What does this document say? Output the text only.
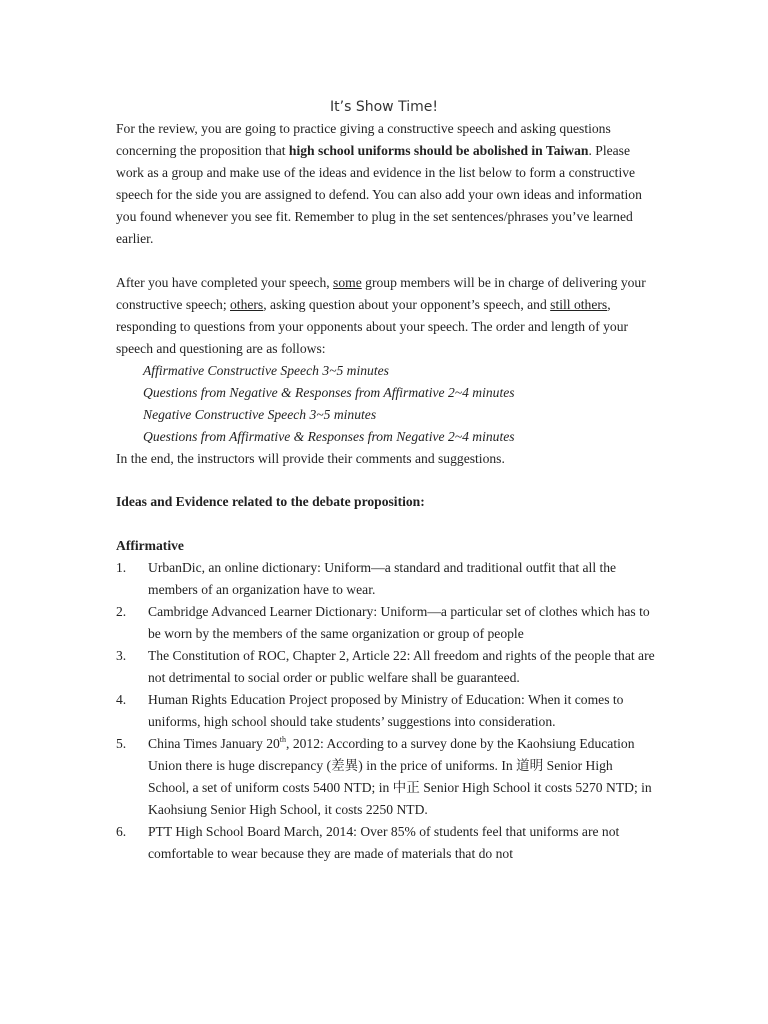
It’s Show Time!

For the review, you are going to practice giving a constructive speech and asking questions concerning the proposition that high school uniforms should be abolished in Taiwan. Please work as a group and make use of the ideas and evidence in the list below to form a constructive speech for the side you are assigned to defend. You can also add your own ideas and information you found whenever you see fit. Remember to plug in the set sentences/phrases you’ve learned earlier.

After you have completed your speech, some group members will be in charge of delivering your constructive speech; others, asking question about your opponent’s speech, and still others, responding to questions from your opponents about your speech. The order and length of your speech and questioning are as follows:

Affirmative Constructive Speech 3~5 minutes
Questions from Negative & Responses from Affirmative 2~4 minutes
Negative Constructive Speech 3~5 minutes
Questions from Affirmative & Responses from Negative 2~4 minutes

In the end, the instructors will provide their comments and suggestions.

Ideas and Evidence related to the debate proposition:

Affirmative

1. UrbanDic, an online dictionary: Uniform—a standard and traditional outfit that all the members of an organization have to wear.
2. Cambridge Advanced Learner Dictionary: Uniform—a particular set of clothes which has to be worn by the members of the same organization or group of people
3. The Constitution of ROC, Chapter 2, Article 22: All freedom and rights of the people that are not detrimental to social order or public welfare shall be guaranteed.
4. Human Rights Education Project proposed by Ministry of Education: When it comes to uniforms, high school should take students’ suggestions into consideration.
5. China Times January 20th, 2012: According to a survey done by the Kaohsiung Education Union there is huge discrepancy (差異) in the price of uniforms. In 道明 Senior High School, a set of uniform costs 5400 NTD; in 中正 Senior High School it costs 5270 NTD; in Kaohsiung Senior High School, it costs 2250 NTD.
6. PTT High School Board March, 2014: Over 85% of students feel that uniforms are not comfortable to wear because they are made of materials that do not
